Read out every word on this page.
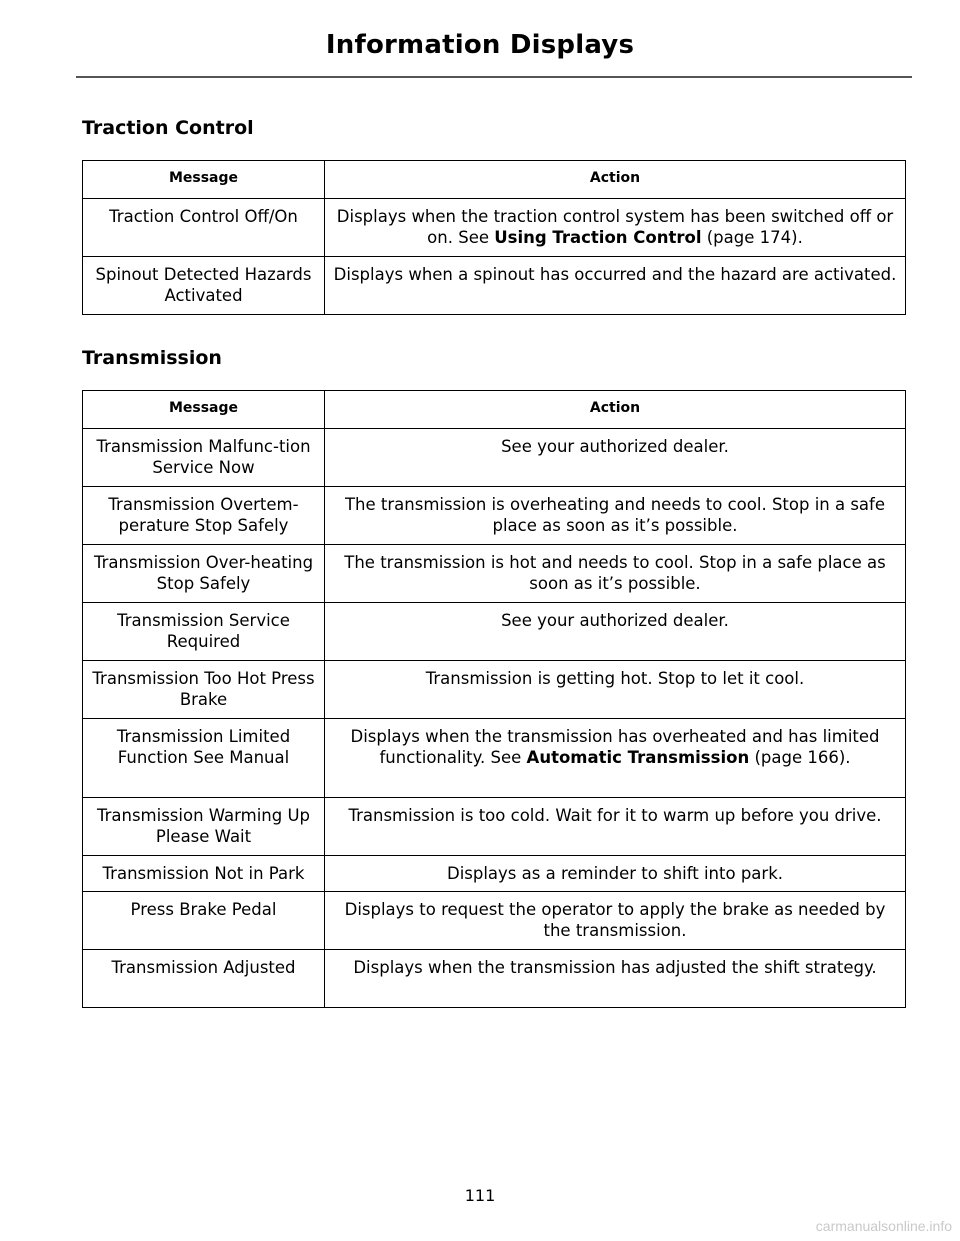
Information Displays
Traction Control
Message	Action
Traction Control Off/On	Displays when the traction control system has been switched off or on. See Using Traction Control (page 174).
Spinout Detected Hazards Activated	Displays when a spinout has occurred and the hazard are activated.
Transmission
Message	Action
Transmission Malfunc-tion Service Now	See your authorized dealer.
Transmission Overtem-perature Stop Safely	The transmission is overheating and needs to cool. Stop in a safe place as soon as it’s possible.
Transmission Over-heating Stop Safely	The transmission is hot and needs to cool. Stop in a safe place as soon as it’s possible.
Transmission Service Required	See your authorized dealer.
Transmission Too Hot Press Brake	Transmission is getting hot. Stop to let it cool.
Transmission Limited Function See Manual	Displays when the transmission has overheated and has limited functionality. See Automatic Transmission (page 166).
Transmission Warming Up Please Wait	Transmission is too cold. Wait for it to warm up before you drive.
Transmission Not in Park	Displays as a reminder to shift into park.
Press Brake Pedal	Displays to request the operator to apply the brake as needed by the transmission.
Transmission Adjusted	Displays when the transmission has adjusted the shift strategy.
111
carmanualsonline.info
